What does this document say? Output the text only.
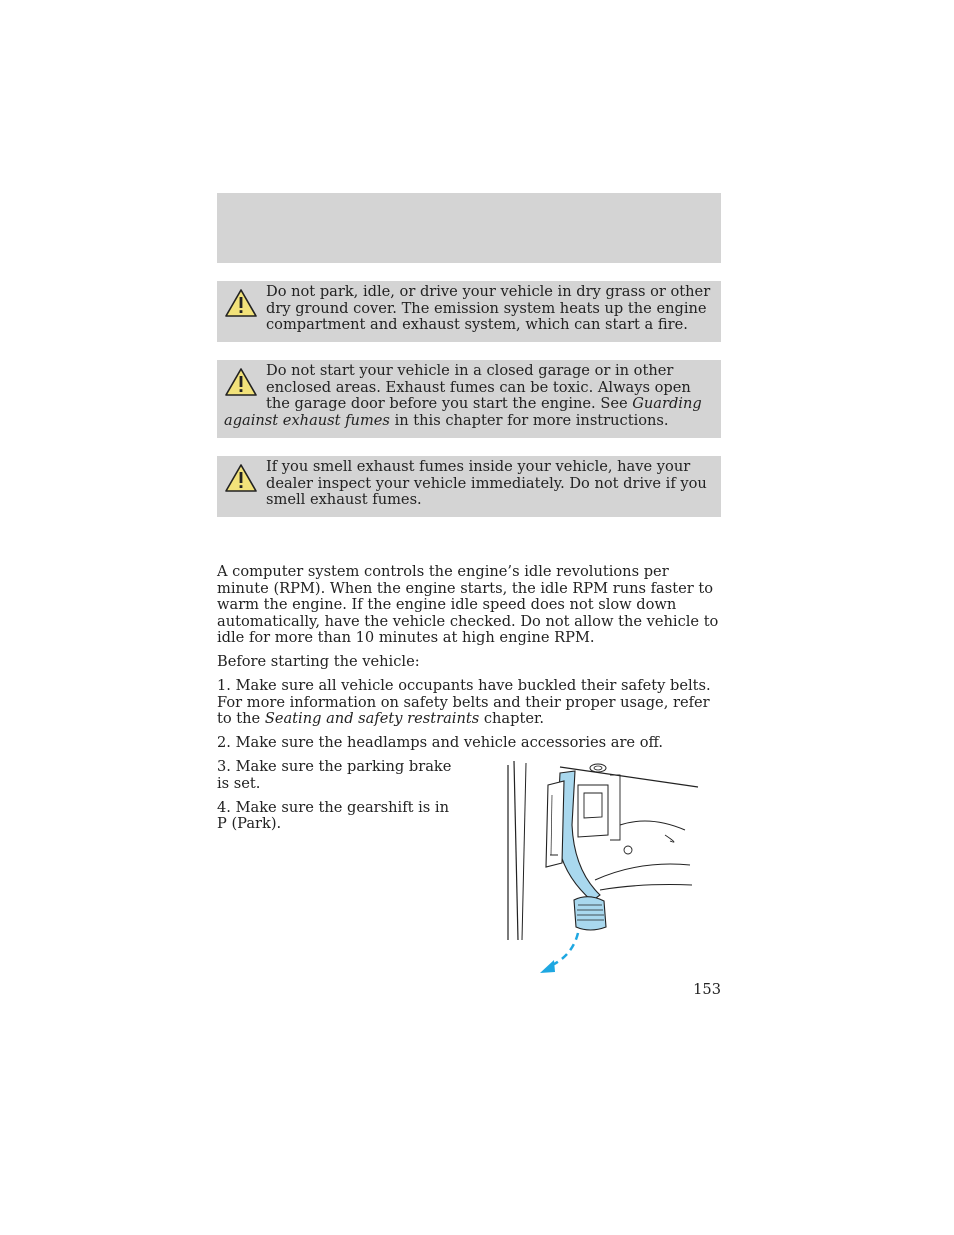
Do not park, idle, or drive your vehicle in dry grass or other dry ground cover. The emission system heats up the engine compartment and exhaust system, which can start a fire.

Do not start your vehicle in a closed garage or in other enclosed areas. Exhaust fumes can be toxic. Always open the garage door before you start the engine. See Guarding against exhaust fumes in this chapter for more instructions.

If you smell exhaust fumes inside your vehicle, have your dealer inspect your vehicle immediately. Do not drive if you smell exhaust fumes.

A computer system controls the engine’s idle revolutions per minute (RPM). When the engine starts, the idle RPM runs faster to warm the engine. If the engine idle speed does not slow down automatically, have the vehicle checked. Do not allow the vehicle to idle for more than 10 minutes at high engine RPM.

Before starting the vehicle:

1. Make sure all vehicle occupants have buckled their safety belts. For more information on safety belts and their proper usage, refer to the Seating and safety restraints chapter.

2. Make sure the headlamps and vehicle accessories are off.

3. Make sure the parking brake is set.

4. Make sure the gearshift is in P (Park).

153
